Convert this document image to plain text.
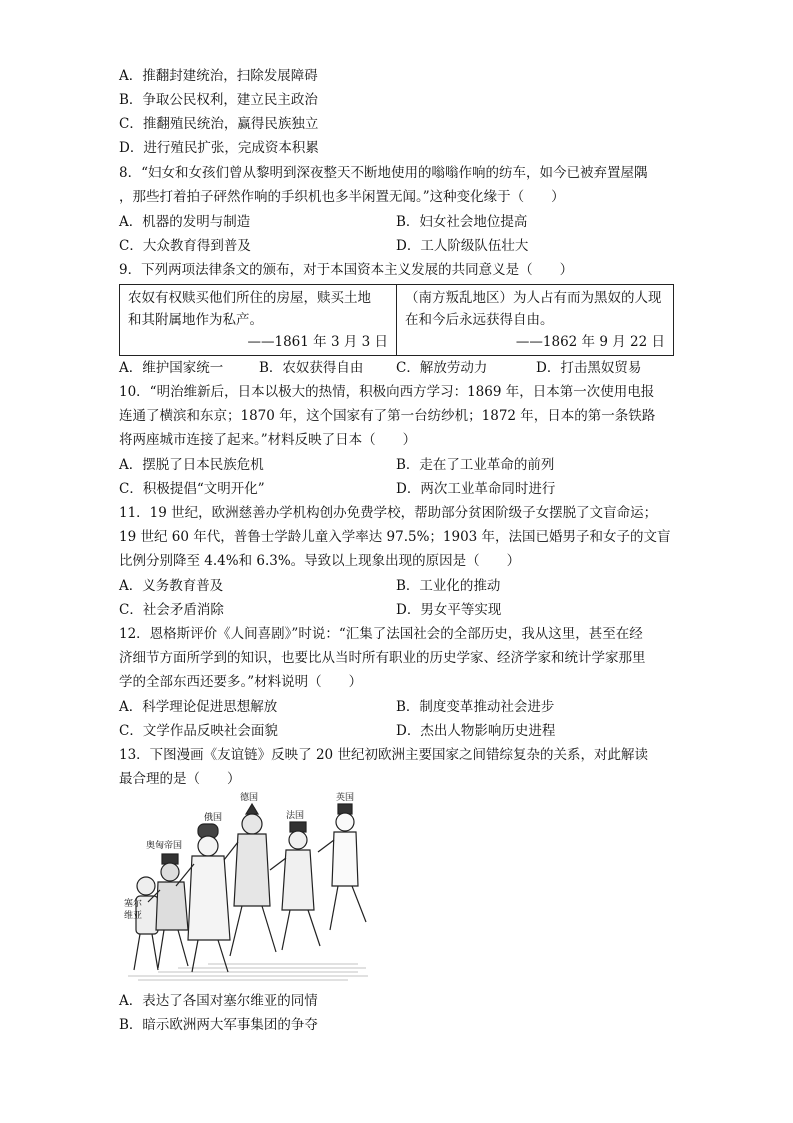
A．推翻封建统治，扫除发展障碍
B．争取公民权利，建立民主政治
C．推翻殖民统治，赢得民族独立
D．进行殖民扩张，完成资本积累
8．“妇女和女孩们曾从黎明到深夜整天不断地使用的嗡嗡作响的纺车，如今已被弃置屋隅
，那些打着拍子砰然作响的手织机也多半闲置无闻。”这种变化缘于（　　）
A．机器的发明与制造	B．妇女社会地位提高
C．大众教育得到普及	D．工人阶级队伍壮大
9．下列两项法律条文的颁布，对于本国资本主义发展的共同意义是（　　）
农奴有权赎买他们所住的房屋，赎买土地
和其附属地作为私产。
——1861 年 3 月 3 日

（南方叛乱地区）为人占有而为黑奴的人现
在和今后永远获得自由。
——1862 年 9 月 22 日
A．维护国家统一	B．农奴获得自由 C．解放劳动力	D．打击黑奴贸易
10．“明治维新后，日本以极大的热情，积极向西方学习：1869 年，日本第一次使用电报
连通了横滨和东京；1870 年，这个国家有了第一台纺纱机；1872 年，日本的第一条铁路
将两座城市连接了起来。”材料反映了日本（　　）
A．摆脱了日本民族危机	B．走在了工业革命的前列
C．积极提倡“文明开化”	D．两次工业革命同时进行
11．19 世纪，欧洲慈善办学机构创办免费学校，帮助部分贫困阶级子女摆脱了文盲命运；
19 世纪 60 年代，普鲁士学龄儿童入学率达 97.5%；1903 年，法国已婚男子和女子的文盲
比例分别降至 4.4%和 6.3%。导致以上现象出现的原因是（　　）
A．义务教育普及	B．工业化的推动
C．社会矛盾消除	D．男女平等实现
12．恩格斯评价《人间喜剧》”时说：“汇集了法国社会的全部历史，我从这里，甚至在经
济细节方面所学到的知识，也要比从当时所有职业的历史学家、经济学家和统计学家那里
学的全部东西还要多。”材料说明（　　）
A．科学理论促进思想解放	B．制度变革推动社会进步
C．文学作品反映社会面貌	D．杰出人物影响历史进程
13．下图漫画《友谊链》反映了 20 世纪初欧洲主要国家之间错综复杂的关系，对此解读
最合理的是（　　）
塞尔
维亚
奥匈帝国
俄国
德国
法国
英国
A．表达了各国对塞尔维亚的同情
B．暗示欧洲两大军事集团的争夺
